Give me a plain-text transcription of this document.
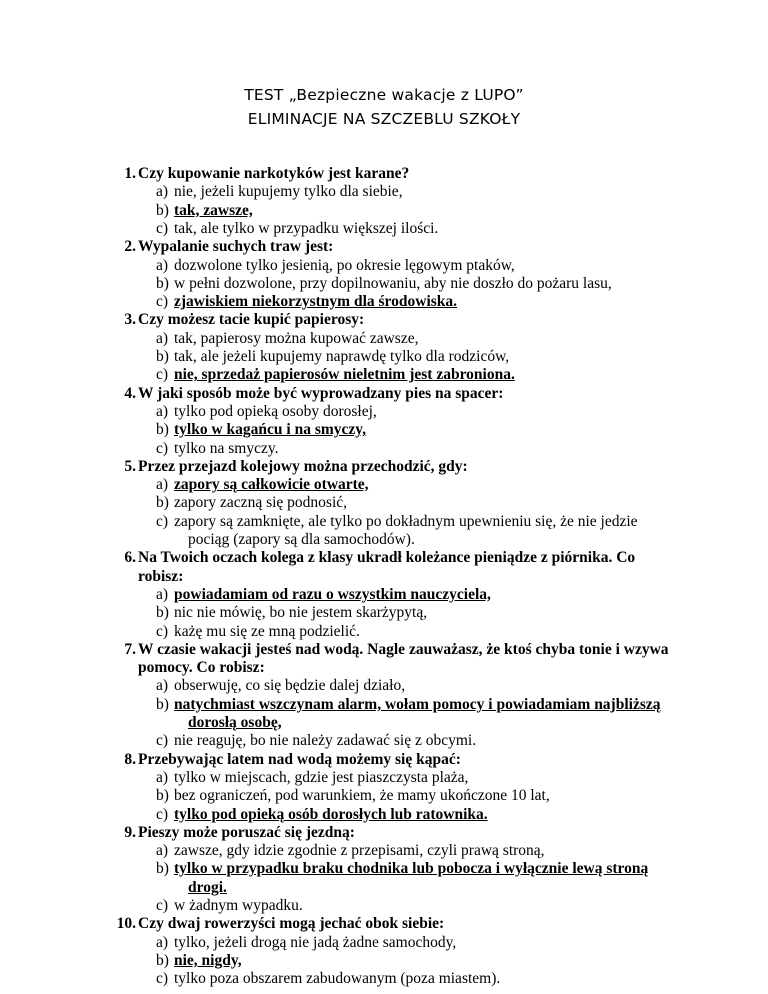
TEST „Bezpieczne wakacje z LUPO”
ELIMINACJE NA SZCZEBLU SZKOŁY
1. Czy kupowanie narkotyków jest karane?
a) nie, jeżeli kupujemy tylko dla siebie,
b) tak, zawsze,
c) tak, ale tylko w przypadku większej ilości.
2. Wypalanie suchych traw jest:
a) dozwolone tylko jesienią, po okresie lęgowym ptaków,
b) w pełni dozwolone, przy dopilnowaniu, aby nie doszło do pożaru lasu,
c) zjawiskiem niekorzystnym dla środowiska.
3. Czy możesz tacie kupić papierosy:
a) tak, papierosy można kupować zawsze,
b) tak, ale jeżeli kupujemy naprawdę tylko dla rodziców,
c) nie, sprzedaż papierosów nieletnim jest zabroniona.
4. W jaki sposób może być wyprowadzany pies na spacer:
a) tylko pod opieką osoby dorosłej,
b) tylko w kagańcu i na smyczy,
c) tylko na smyczy.
5. Przez przejazd kolejowy można przechodzić, gdy:
a) zapory są całkowicie otwarte,
b) zapory zaczną się podnosić,
c) zapory są zamknięte, ale tylko po dokładnym upewnieniu się, że nie jedzie
pociąg (zapory są dla samochodów).
6. Na Twoich oczach kolega z klasy ukradł koleżance pieniądze z piórnika. Co
robisz:
a) powiadamiam od razu o wszystkim nauczyciela,
b) nic nie mówię, bo nie jestem skarżypytą,
c) każę mu się ze mną podzielić.
7. W czasie wakacji jesteś nad wodą. Nagle zauważasz, że ktoś chyba tonie i wzywa
pomocy. Co robisz:
a) obserwuję, co się będzie dalej działo,
b) natychmiast wszczynam alarm, wołam pomocy i powiadamiam najbliższą
dorosłą osobę,
c) nie reaguję, bo nie należy zadawać się z obcymi.
8. Przebywając latem nad wodą możemy się kąpać:
a) tylko w miejscach, gdzie jest piaszczysta plaża,
b) bez ograniczeń, pod warunkiem, że mamy ukończone 10 lat,
c) tylko pod opieką osób dorosłych lub ratownika.
9. Pieszy może poruszać się jezdną:
a) zawsze, gdy idzie zgodnie z przepisami, czyli prawą stroną,
b) tylko w przypadku braku chodnika lub pobocza i wyłącznie lewą stroną
drogi.
c) w żadnym wypadku.
10. Czy dwaj rowerzyści mogą jechać obok siebie:
a) tylko, jeżeli drogą nie jadą żadne samochody,
b) nie, nigdy,
c) tylko poza obszarem zabudowanym (poza miastem).
